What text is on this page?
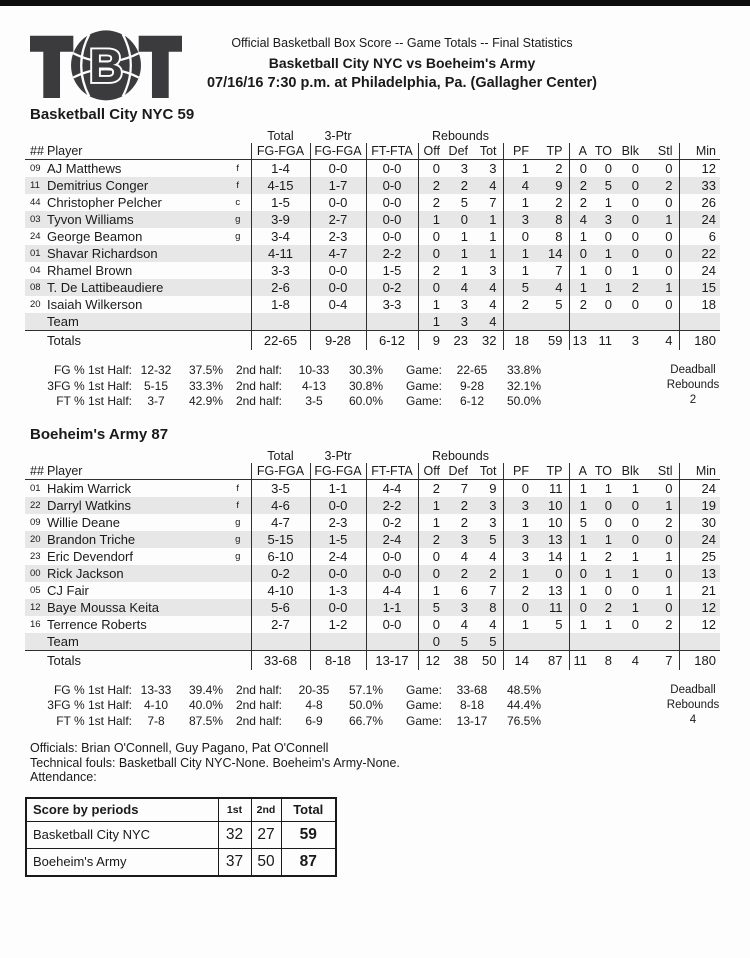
B	Official Basketball Box Score -- Game Totals -- Final Statistics
Basketball City NYC vs Boeheim's Army
07/16/16 7:30 p.m. at Philadelphia, Pa. (Gallagher Center)
Basketball City NYC 59
			Total	3-Ptr		Rebounds									
##	Player		FG-FGA	FG-FGA	FT-FTA	Off	Def	Tot	PF	TP	A	TO	Blk	Stl	Min
09	AJ Matthews	f	1-4	0-0	0-0	0	3	3	1	2	0	0	0	0	12
11	Demitrius Conger	f	4-15	1-7	0-0	2	2	4	4	9	2	5	0	2	33
44	Christopher Pelcher	c	1-5	0-0	0-0	2	5	7	1	2	2	1	0	0	26
03	Tyvon Williams	g	3-9	2-7	0-0	1	0	1	3	8	4	3	0	1	24
24	George Beamon	g	3-4	2-3	0-0	0	1	1	0	8	1	0	0	0	6
01	Shavar Richardson		4-11	4-7	2-2	0	1	1	1	14	0	1	0	0	22
04	Rhamel Brown		3-3	0-0	1-5	2	1	3	1	7	1	0	1	0	24
08	T. De Lattibeaudiere		2-6	0-0	0-2	0	4	4	5	4	1	1	2	1	15
20	Isaiah Wilkerson		1-8	0-4	3-3	1	3	4	2	5	2	0	0	0	18
	Team					1	3	4							
	Totals		22-65	9-28	6-12	9	23	32	18	59	13	11	3	4	180
FG % 1st Half: 12-32	37.5%	2nd half:	10-33	30.3%	Game:	22-65	33.8%
3FG % 1st Half: 5-15	33.3%	2nd half:	4-13	30.8%	Game:	9-28	32.1%
FT % 1st Half:	3-7	42.9%	2nd half:	3-5	60.0%	Game:	6-12	50.0%
Deadball
Rebounds
2
Boeheim's Army 87
			Total	3-Ptr		Rebounds									
##	Player		FG-FGA	FG-FGA	FT-FTA	Off	Def	Tot	PF	TP	A	TO	Blk	Stl	Min
01	Hakim Warrick	f	3-5	1-1	4-4	2	7	9	0	11	1	1	1	0	24
22	Darryl Watkins	f	4-6	0-0	2-2	1	2	3	3	10	1	0	0	1	19
09	Willie Deane	g	4-7	2-3	0-2	1	2	3	1	10	5	0	0	2	30
20	Brandon Triche	g	5-15	1-5	2-4	2	3	5	3	13	1	1	0	0	24
23	Eric Devendorf	g	6-10	2-4	0-0	0	4	4	3	14	1	2	1	1	25
00	Rick Jackson		0-2	0-0	0-0	0	2	2	1	0	0	1	1	0	13
05	CJ Fair		4-10	1-3	4-4	1	6	7	2	13	1	0	0	1	21
12	Baye Moussa Keita		5-6	0-0	1-1	5	3	8	0	11	0	2	1	0	12
16	Terrence Roberts		2-7	1-2	0-0	0	4	4	1	5	1	1	0	2	12
	Team					0	5	5							
	Totals		33-68	8-18	13-17	12	38	50	14	87	11	8	4	7	180
FG % 1st Half: 13-33	39.4%	2nd half:	20-35	57.1%	Game:	33-68	48.5%
3FG % 1st Half: 4-10	40.0%	2nd half:	4-8	50.0%	Game:	8-18	44.4%
FT % 1st Half:	7-8	87.5%	2nd half:	6-9	66.7%	Game:	13-17	76.5%
Deadball
Rebounds
4
Officials: Brian O'Connell, Guy Pagano, Pat O'Connell
Technical fouls: Basketball City NYC-None. Boeheim's Army-None.
Attendance:
Score by periods	1st	2nd	Total
Basketball City NYC	32	27	59
Boeheim's Army	37	50	87
